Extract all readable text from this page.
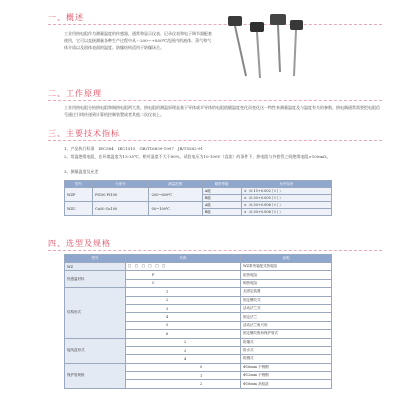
一、概述
工业用热电阻作为测量温度的传感器，通常和显示仪表、记录仪表和电子调节器配套使用，它可以直接测量各种生产过程中从－200～+850℃范围内的液体、蒸气和气体介质以及固体表面的温度。防爆结构适用于防爆场合。
二、工作原理
工业用热电阻分铂热电阻和铜热电阻两大类。热电阻的测温原理是基于导体或半导体的电阻值随温度变化而变化这一特性来测量温度及与温度有关的参数。热电偶通常需要把电阻信号通过引线传递到计算机控制装置或者其他二次仪表上。
三、主要技术指标
1、产品执行标准　IEC584　IEC1515　GB/T16839-1997　JB/T5582-91
2、常温绝缘电阻，在环境温度为15-35℃，相对湿度不大于80%，试验电压为10-100V（直流）的条件下，热电阻与外套管之间绝缘电阻>100mΩ。
3、测量温度及允差
型号	分度号	测量范围	精度等级	允许误差
WZP	Pt100 Pt100	-200~600℃	A级	±（0.15+0.002丨t丨）
			B级	±（0.30+0.005丨t丨）
WZC	Cu50 Cu100	-50~100℃	A级	±（0.30+0.006丨t丨）
			B级	±（0.30+0.006丨t丨）
四、选型及规格
型号	代码	说明
WZ	□　□　□　□　□　□	WZ系列装配式热电阻
热感温材料	P	铂热电阻
	C	铜热电阻
结构形式	1	无固定装置
	2	固定螺纹式
	3	活动法兰式
	4	固定法兰
	5	活动法兰角尺形
	6	固定螺纹锥形保护管式
接线盒形式	2	防爆式
	3	防水式
	4	防溅式
保护管规格	0	Φ16mm 不锈钢
	1	Φ12mm 不锈钢
	2	Φ16mm 高铝质
